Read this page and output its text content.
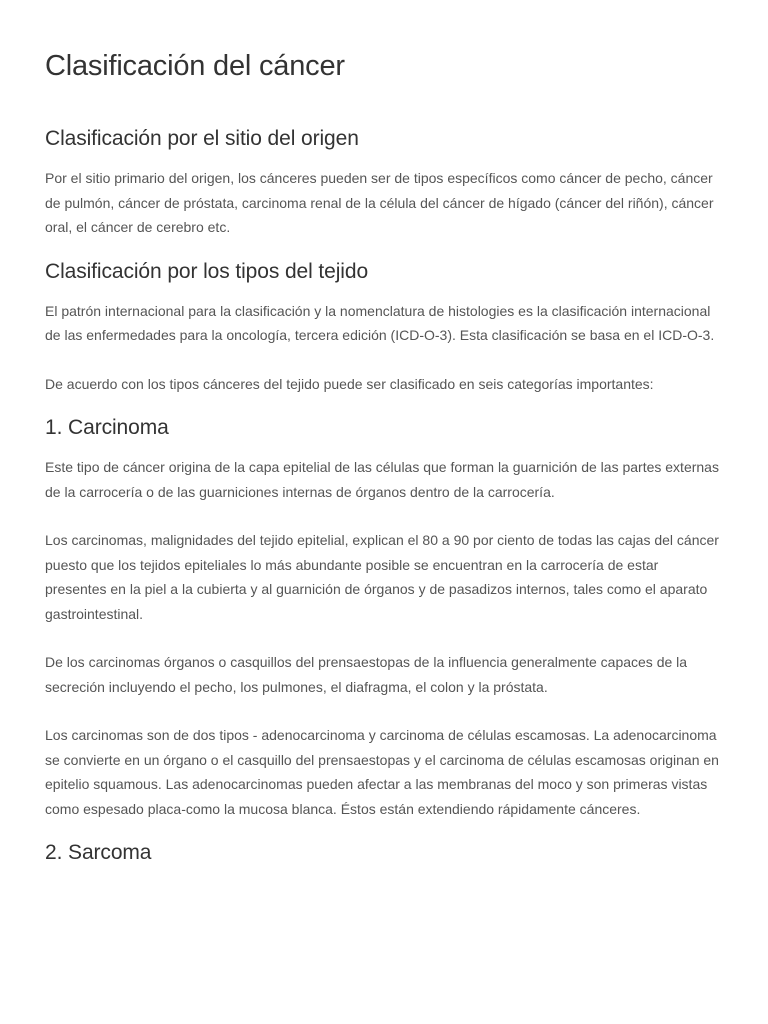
Clasificación del cáncer
Clasificación por el sitio del origen

Por el sitio primario del origen, los cánceres pueden ser de tipos específicos como cáncer de pecho, cáncer de pulmón, cáncer de próstata, carcinoma renal de la célula del cáncer de hígado (cáncer del riñón), cáncer oral, el cáncer de cerebro etc.

Clasificación por los tipos del tejido

El patrón internacional para la clasificación y la nomenclatura de histologies es la clasificación internacional de las enfermedades para la oncología, tercera edición (ICD-O-3). Esta clasificación se basa en el ICD-O-3.

De acuerdo con los tipos cánceres del tejido puede ser clasificado en seis categorías importantes:

1. Carcinoma

Este tipo de cáncer origina de la capa epitelial de las células que forman la guarnición de las partes externas de la carrocería o de las guarniciones internas de órganos dentro de la carrocería.

Los carcinomas, malignidades del tejido epitelial, explican el 80 a 90 por ciento de todas las cajas del cáncer puesto que los tejidos epiteliales lo más abundante posible se encuentran en la carrocería de estar presentes en la piel a la cubierta y al guarnición de órganos y de pasadizos internos, tales como el aparato gastrointestinal.

De los carcinomas órganos o casquillos del prensaestopas de la influencia generalmente capaces de la secreción incluyendo el pecho, los pulmones, el diafragma, el colon y la próstata.

Los carcinomas son de dos tipos - adenocarcinoma y carcinoma de células escamosas. La adenocarcinoma se convierte en un órgano o el casquillo del prensaestopas y el carcinoma de células escamosas originan en epitelio squamous. Las adenocarcinomas pueden afectar a las membranas del moco y son primeras vistas como espesado placa-como la mucosa blanca. Éstos están extendiendo rápidamente cánceres.

2. Sarcoma
